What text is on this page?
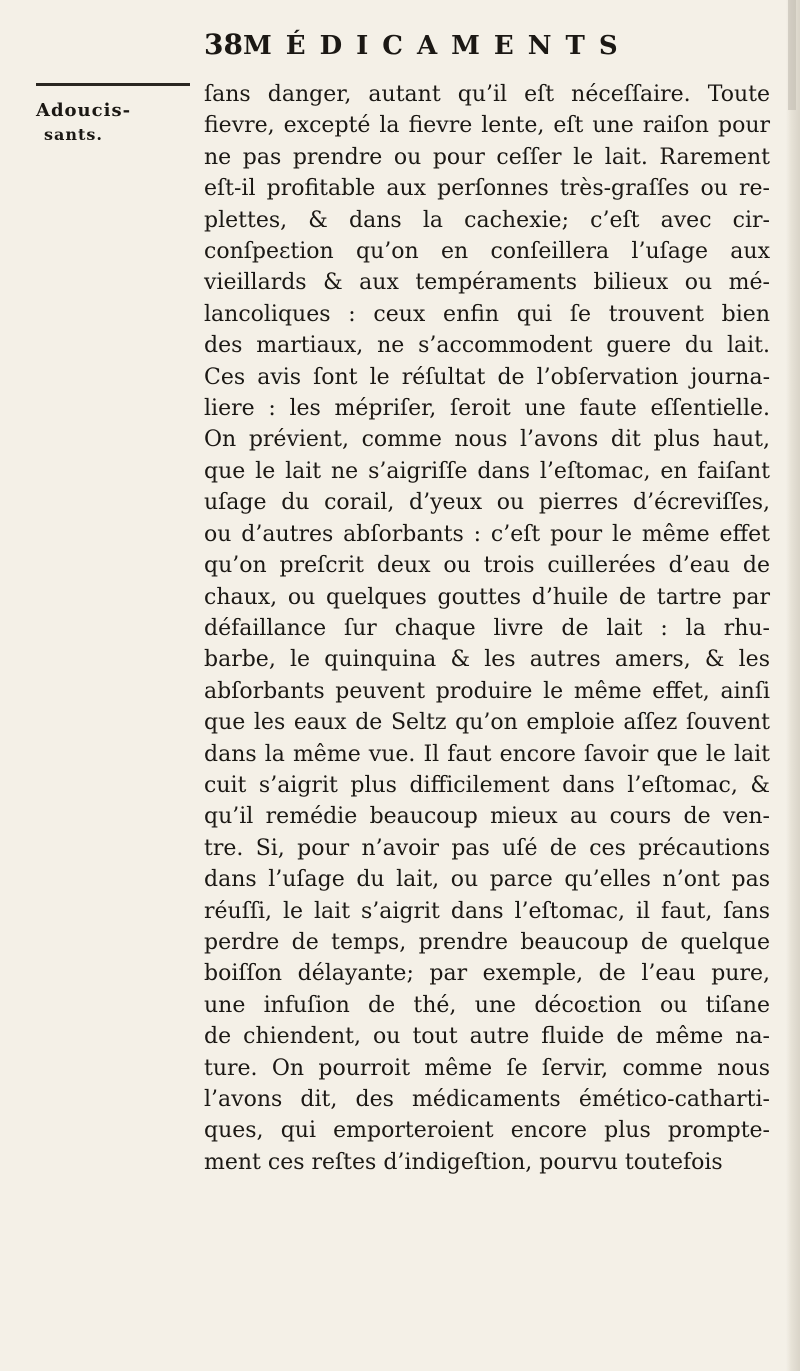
38 MÉDICAMENTS
Adoucis-
sants.
ſans danger, autant qu’il eſt néceſſaire. Toute
fievre, excepté la fievre lente, eſt une raiſon pour
ne pas prendre ou pour ceſſer le lait. Rarement
eſt-il profitable aux perſonnes très-graſſes ou re-
plettes, & dans la cachexie; c’eſt avec cir-
conſpeɛtion qu’on en conſeillera l’uſage aux
vieillards & aux tempéraments bilieux ou mé-
lancoliques : ceux enfin qui ſe trouvent bien
des martiaux, ne s’accommodent guere du lait.
Ces avis ſont le réſultat de l’obſervation journa-
liere : les mépriſer, ſeroit une faute eſſentielle.
On prévient, comme nous l’avons dit plus haut,
que le lait ne s’aigriſſe dans l’eſtomac, en faiſant
uſage du corail, d’yeux ou pierres d’écreviſſes,
ou d’autres abſorbants : c’eſt pour le même effet
qu’on preſcrit deux ou trois cuillerées d’eau de
chaux, ou quelques gouttes d’huile de tartre par
défaillance ſur chaque livre de lait : la rhu-
barbe, le quinquina & les autres amers, & les
abſorbants peuvent produire le même effet, ainſi
que les eaux de Seltz qu’on emploie aſſez ſouvent
dans la même vue. Il faut encore ſavoir que le lait
cuit s’aigrit plus difficilement dans l’eſtomac, &
qu’il remédie beaucoup mieux au cours de ven-
tre. Si, pour n’avoir pas uſé de ces précautions
dans l’uſage du lait, ou parce qu’elles n’ont pas
réuſſi, le lait s’aigrit dans l’eſtomac, il faut, ſans
perdre de temps, prendre beaucoup de quelque
boiſſon délayante; par exemple, de l’eau pure,
une infuſion de thé, une décoɛtion ou tiſane
de chiendent, ou tout autre fluide de même na-
ture. On pourroit même ſe ſervir, comme nous
l’avons dit, des médicaments émético-catharti-
ques, qui emporteroient encore plus prompte-
ment ces reſtes d’indigeſtion, pourvu toutefois
